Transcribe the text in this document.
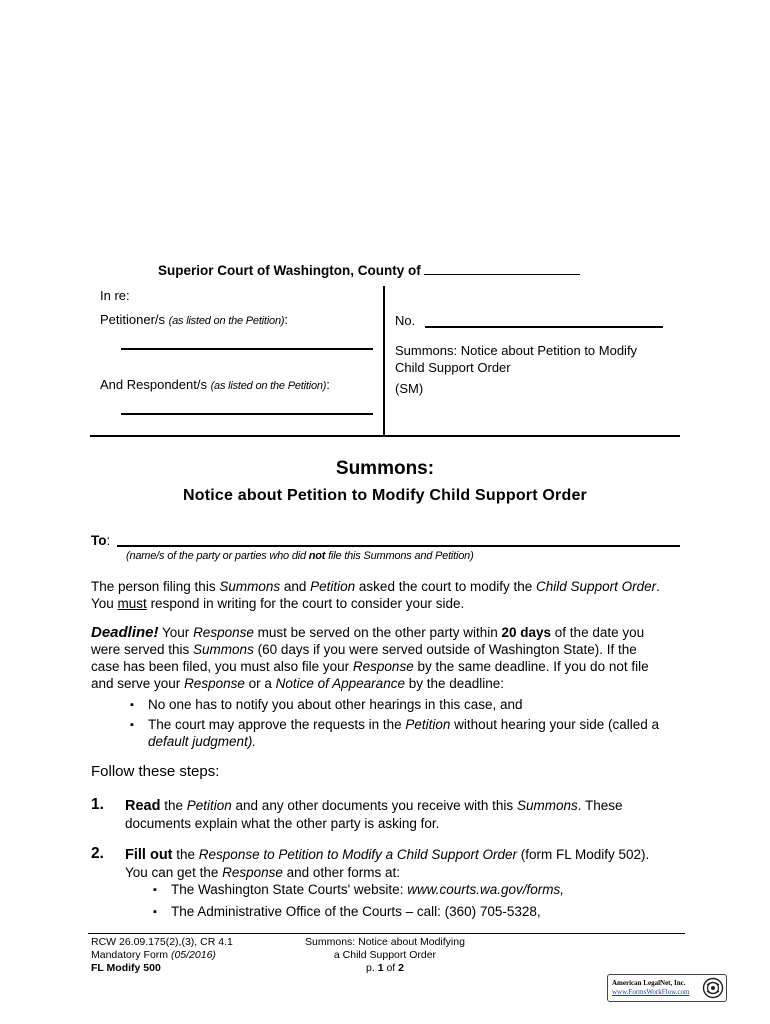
Superior Court of Washington, County of
In re:
Petitioner/s (as listed on the Petition):
And Respondent/s (as listed on the Petition):
No.
Summons: Notice about Petition to Modify
Child Support Order
(SM)
Summons:
Notice about Petition to Modify Child Support Order
To:
(name/s of the party or parties who did not file this Summons and Petition)
The person filing this Summons and Petition asked the court to modify the Child Support Order.
You must respond in writing for the court to consider your side.
Deadline! Your Response must be served on the other party within 20 days of the date you
were served this Summons (60 days if you were served outside of Washington State). If the
case has been filed, you must also file your Response by the same deadline. If you do not file
and serve your Response or a Notice of Appearance by the deadline:
▪ No one has to notify you about other hearings in this case, and
▪ The court may approve the requests in the Petition without hearing your side (called a
default judgment).
Follow these steps:
1. Read the Petition and any other documents you receive with this Summons. These
documents explain what the other party is asking for.
2. Fill out the Response to Petition to Modify a Child Support Order (form FL Modify 502).
You can get the Response and other forms at:
▪ The Washington State Courts' website: www.courts.wa.gov/forms,
▪ The Administrative Office of the Courts – call: (360) 705-5328,
RCW 26.09.175(2),(3), CR 4.1
Mandatory Form (05/2016)
FL Modify 500
Summons: Notice about Modifying
a Child Support Order
p. 1 of 2
American LegalNet, Inc.
www.FormsWorkFlow.com
